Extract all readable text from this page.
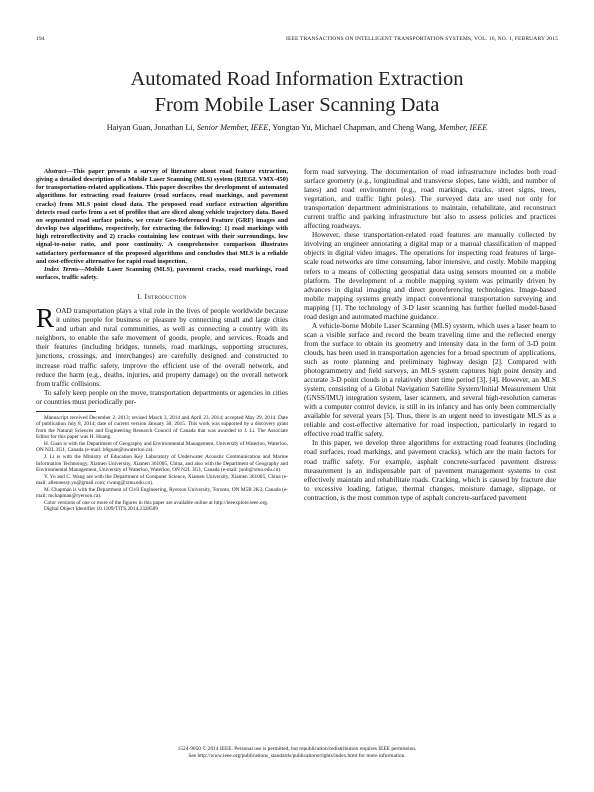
194	IEEE TRANSACTIONS ON INTELLIGENT TRANSPORTATION SYSTEMS, VOL. 16, NO. 1, FEBRUARY 2015
Automated Road Information Extraction
From Mobile Laser Scanning Data
Haiyan Guan, Jonathan Li, Senior Member, IEEE, Yongtao Yu, Michael Chapman, and Cheng Wang, Member, IEEE

Abstract—This paper presents a survey of literature about road feature extraction, giving a detailed description of a Mobile Laser Scanning (MLS) system (RIEGL VMX-450) for transportation-related applications. This paper describes the development of automated algorithms for extracting road features (road surfaces, road markings, and pavement cracks) from MLS point cloud data. The proposed road surface extraction algorithm detects road curbs from a set of profiles that are sliced along vehicle trajectory data. Based on segmented road surface points, we create Geo-Referenced Feature (GRF) images and develop two algorithms, respectively, for extracting the following: 1) road markings with high retroreflectivity and 2) cracks containing low contrast with their surroundings, low signal-to-noise ratio, and poor continuity. A comprehensive comparison illustrates satisfactory performance of the proposed algorithms and concludes that MLS is a reliable and cost-effective alternative for rapid road inspection.

Index Terms—Mobile Laser Scanning (MLS), pavement cracks, road markings, road surfaces, traffic safety.

I. Introduction

ROAD transportation plays a vital role in the lives of people worldwide because it unites people for business or pleasure by connecting small and large cities and urban and rural communities, as well as connecting a country with its neighbors, to enable the safe movement of goods, people, and services. Roads and their features (including bridges, tunnels, road markings, supporting structures, junctions, crossings, and interchanges) are carefully designed and constructed to increase road traffic safety, improve the efficient use of the overall network, and reduce the harm (e.g., deaths, injuries, and property damage) on the overall network from traffic collisions.

To safely keep people on the move, transportation departments or agencies in cities or countries must periodically per-

Manuscript received December 2, 2013; revised March 3, 2014 and April 23, 2014; accepted May 29, 2014. Date of publication July 8, 2014; date of current version January 30, 2015. This work was supported by a discovery grant from the Natural Sciences and Engineering Research Council of Canada that was awarded to J. Li. The Associate Editor for this paper was H. Huang.

H. Guan is with the Department of Geography and Environmental Management, University of Waterloo, Waterloo, ON N2L 3G1, Canada (e-mail: h6guan@uwaterloo.ca).

J. Li is with the Ministry of Education Key Laboratory of Underwater Acoustic Communication and Marine Information Technology, Xiamen University, Xiamen 361005, China, and also with the Department of Geography and Environmental Management, University of Waterloo, Waterloo, ON N2L 3G1, Canada (e-mail: junli@xmu.edu.cn).

Y. Yu and C. Wang are with the Department of Computer Science, Xiamen University, Xiamen 361005, China (e-mail: allennessy.yu@gmail.com; cwang@xmu.edu.cn).

M. Chapman is with the Department of Civil Engineering, Ryerson University, Toronto, ON M5B 2K3, Canada (e-mail: mchapman@ryerson.ca).

Color versions of one or more of the figures in this paper are available online at http://ieeexplore.ieee.org.

Digital Object Identifier 10.1109/TITS.2014.2328589

form road surveying. The documentation of road infrastructure includes both road surface geometry (e.g., longitudinal and transverse slopes, lane width, and number of lanes) and road environment (e.g., road markings, cracks, street signs, trees, vegetation, and traffic light poles). The surveyed data are used not only for transportation department administrations to maintain, rehabilitate, and reconstruct current traffic and parking infrastructure but also to assess policies and practices affecting roadways.

However, these transportation-related road features are manually collected by involving an engineer annotating a digital map or a manual classification of mapped objects in digital video images. The operations for inspecting road features of large-scale road networks are time consuming, labor intensive, and costly. Mobile mapping refers to a means of collecting geospatial data using sensors mounted on a mobile platform. The development of a mobile mapping system was primarily driven by advances in digital imaging and direct georeferencing technologies. Image-based mobile mapping systems greatly impact conventional transportation surveying and mapping [1]. The technology of 3-D laser scanning has further fuelled model-based road design and automated machine guidance.

A vehicle-borne Mobile Laser Scanning (MLS) system, which uses a laser beam to scan a visible surface and record the beam traveling time and the reflected energy from the surface to obtain its geometry and intensity data in the form of 3-D point clouds, has been used in transportation agencies for a broad spectrum of applications, such as route planning and preliminary highway design [2]. Compared with photogrammetry and field surveys, an MLS system captures high point density and accurate 3-D point clouds in a relatively short time period [3], [4]. However, an MLS system, consisting of a Global Navigation Satellite System/Initial Measurement Unit (GNSS/IMU) integration system, laser scanners, and several high-resolution cameras with a computer control device, is still in its infancy and has only been commercially available for several years [5]. Thus, there is an urgent need to investigate MLS as a reliable and cost-effective alternative for road inspection, particularly in regard to effective road traffic safety.

In this paper, we develop three algorithms for extracting road features (including road surfaces, road markings, and pavement cracks), which are the main factors for road traffic safety. For example, asphalt concrete-surfaced pavement distress measurement is an indispensable part of pavement management systems to cost effectively maintain and rehabilitate roads. Cracking, which is caused by fracture due to excessive loading, fatigue, thermal changes, moisture damage, slippage, or contraction, is the most common type of asphalt concrete-surfaced pavement

1524-9050 © 2014 IEEE. Personal use is permitted, but republication/redistribution requires IEEE permission.
See http://www.ieee.org/publications_standards/publications/rights/index.html for more information.
